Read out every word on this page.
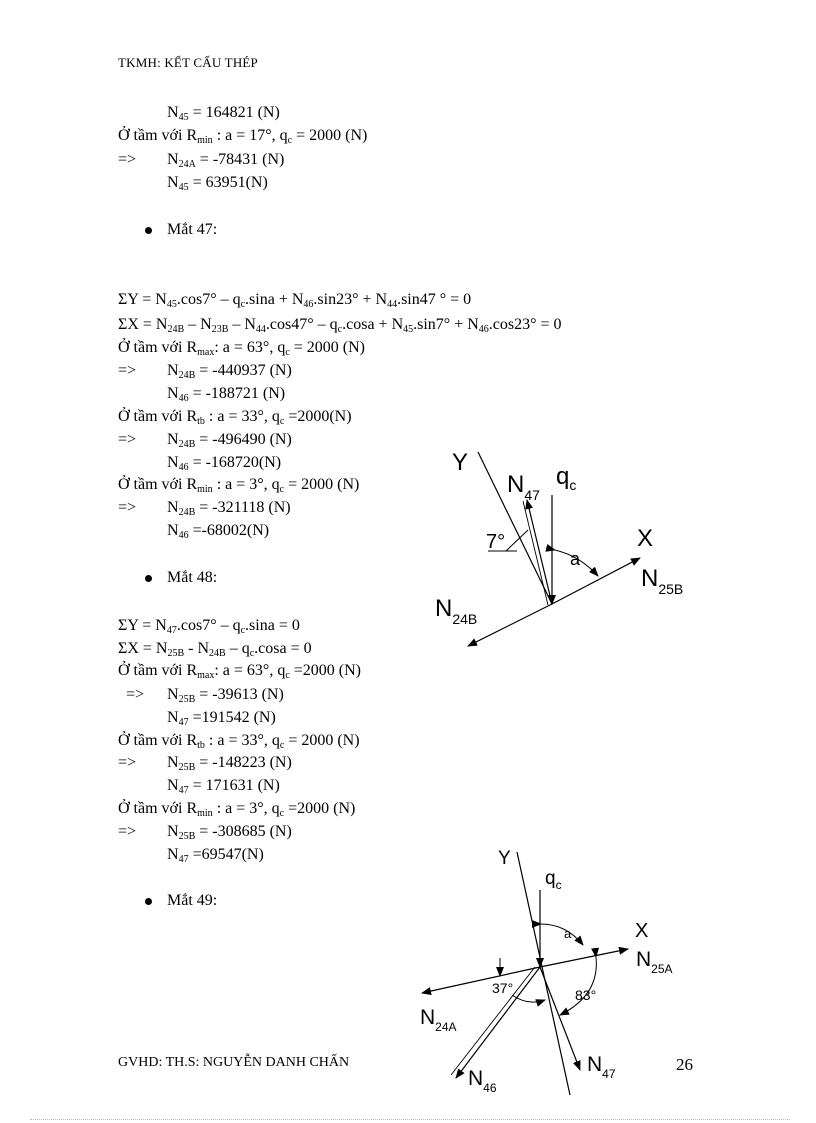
TKMH: KẾT CẤU THÉP
$N_{45} = 164821$ (N)
Ở tầm với $R_{min}$ : a = 17°, $q_c = 2000$ (N)
=> $N_{24A} = -78431$ (N)
$N_{45} = 63951(N)$
Mắt 47:
$\Sigma Y = N_{45}.\cos 7^\circ - q_c.\sin a + N_{46}.\sin 23^\circ + N_{44}.\sin 47$ ° = 0
$\Sigma X = N_{24B} - N_{23B} - N_{44}.\cos 47^\circ - q_c.\cos a + N_{45}.\sin 7^\circ + N_{46}.\cos 23^\circ = 0$
Ở tầm với $R_{max}$: a = 63°, $q_c = 2000$ (N)
=> $N_{24B} = -440937$ (N)
$N_{46} = -188721$ (N)
Ở tầm với $R_{tb}$ : a = 33°, $q_c =2000(N)$
=> $N_{24B} = -496490$ (N)
$N_{46} = -168720(N)$
Ở tầm với $R_{min}$ : a = 3°, $q_c = 2000$ (N)
=> $N_{24B} = -321118$ (N)
$N_{46} =-68002(N)$
Mắt 48:
$\Sigma Y = N_{47}.\cos 7^\circ - q_c.\sin a = 0$
$\Sigma X = N_{25B} - N_{24B} - q_c.\cos a = 0$
Ở tầm với $R_{max}$: a = 63°, $q_c =2000$ (N)
=> $N_{25B} = -39613$ (N)
$N_{47} =191542$ (N)
Ở tầm với $R_{tb}$ : a = 33°, $q_c = 2000$ (N)
=> $N_{25B} = -148223$ (N)
$N_{47} = 171631$ (N)
Ở tầm với $R_{min}$ : a = 3°, $q_c =2000$ (N)
=> $N_{25B} = -308685$ (N)
$N_{47} =69547(N)$
Mắt 49:
Y
$N_{47}$
$q_c$
7°
a
X
$N_{25B}$
$N_{24B}$
Y
$q_c$
X
a
$N_{25A}$
37°	83°
$N_{24A}$
$N_{46}$
$N_{47}$
GVHD: TH.S: NGUYỄN DANH CHẤN	26
